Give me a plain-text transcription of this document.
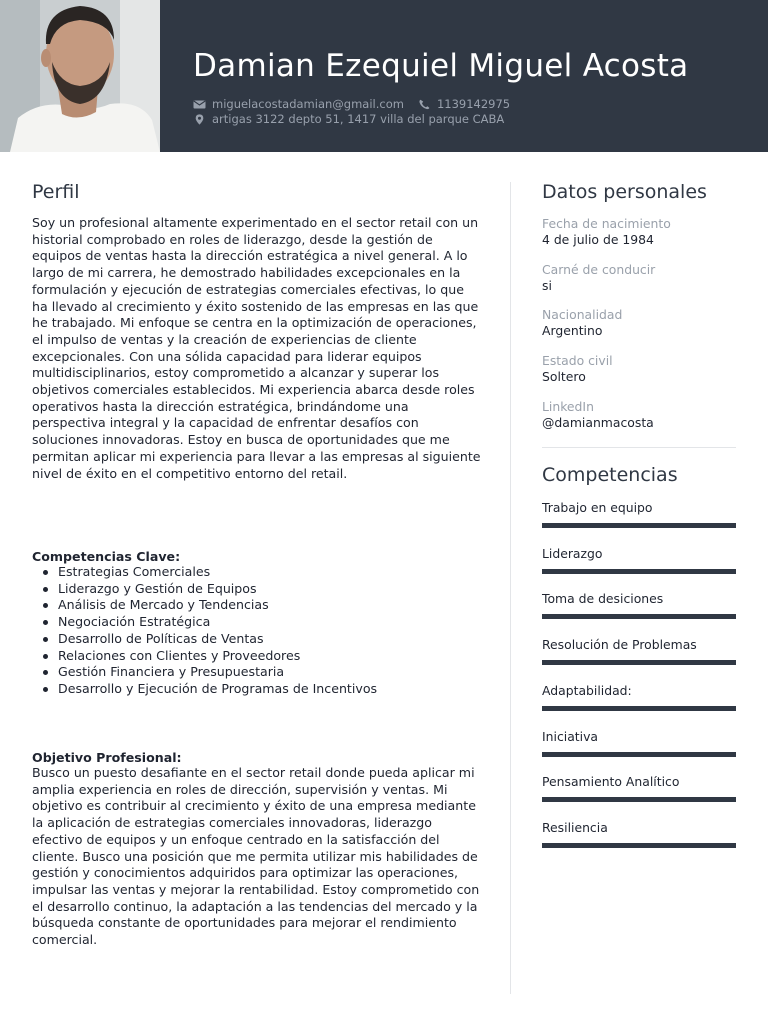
Damian Ezequiel Miguel Acosta
miguelacostadamian@gmail.com	1139142975
artigas 3122 depto 51, 1417 villa del parque CABA
Perfil
Soy un profesional altamente experimentado en el sector retail con un historial comprobado en roles de liderazgo, desde la gestión de equipos de ventas hasta la dirección estratégica a nivel general. A lo largo de mi carrera, he demostrado habilidades excepcionales en la formulación y ejecución de estrategias comerciales efectivas, lo que ha llevado al crecimiento y éxito sostenido de las empresas en las que he trabajado. Mi enfoque se centra en la optimización de operaciones, el impulso de ventas y la creación de experiencias de cliente excepcionales. Con una sólida capacidad para liderar equipos multidisciplinarios, estoy comprometido a alcanzar y superar los objetivos comerciales establecidos. Mi experiencia abarca desde roles operativos hasta la dirección estratégica, brindándome una perspectiva integral y la capacidad de enfrentar desafíos con soluciones innovadoras. Estoy en busca de oportunidades que me permitan aplicar mi experiencia para llevar a las empresas al siguiente nivel de éxito en el competitivo entorno del retail.
Competencias Clave:
Estrategias Comerciales
Liderazgo y Gestión de Equipos
Análisis de Mercado y Tendencias
Negociación Estratégica
Desarrollo de Políticas de Ventas
Relaciones con Clientes y Proveedores
Gestión Financiera y Presupuestaria
Desarrollo y Ejecución de Programas de Incentivos
Objetivo Profesional:
Busco un puesto desafiante en el sector retail donde pueda aplicar mi amplia experiencia en roles de dirección, supervisión y ventas. Mi objetivo es contribuir al crecimiento y éxito de una empresa mediante la aplicación de estrategias comerciales innovadoras, liderazgo efectivo de equipos y un enfoque centrado en la satisfacción del cliente. Busco una posición que me permita utilizar mis habilidades de gestión y conocimientos adquiridos para optimizar las operaciones, impulsar las ventas y mejorar la rentabilidad. Estoy comprometido con el desarrollo continuo, la adaptación a las tendencias del mercado y la búsqueda constante de oportunidades para mejorar el rendimiento comercial.
Datos personales
Fecha de nacimiento
4 de julio de 1984
Carné de conducir
si
Nacionalidad
Argentino
Estado civil
Soltero
LinkedIn
@damianmacosta
Competencias
Trabajo en equipo
Liderazgo
Toma de desiciones
Resolución de Problemas
Adaptabilidad:
Iniciativa
Pensamiento Analítico
Resiliencia
